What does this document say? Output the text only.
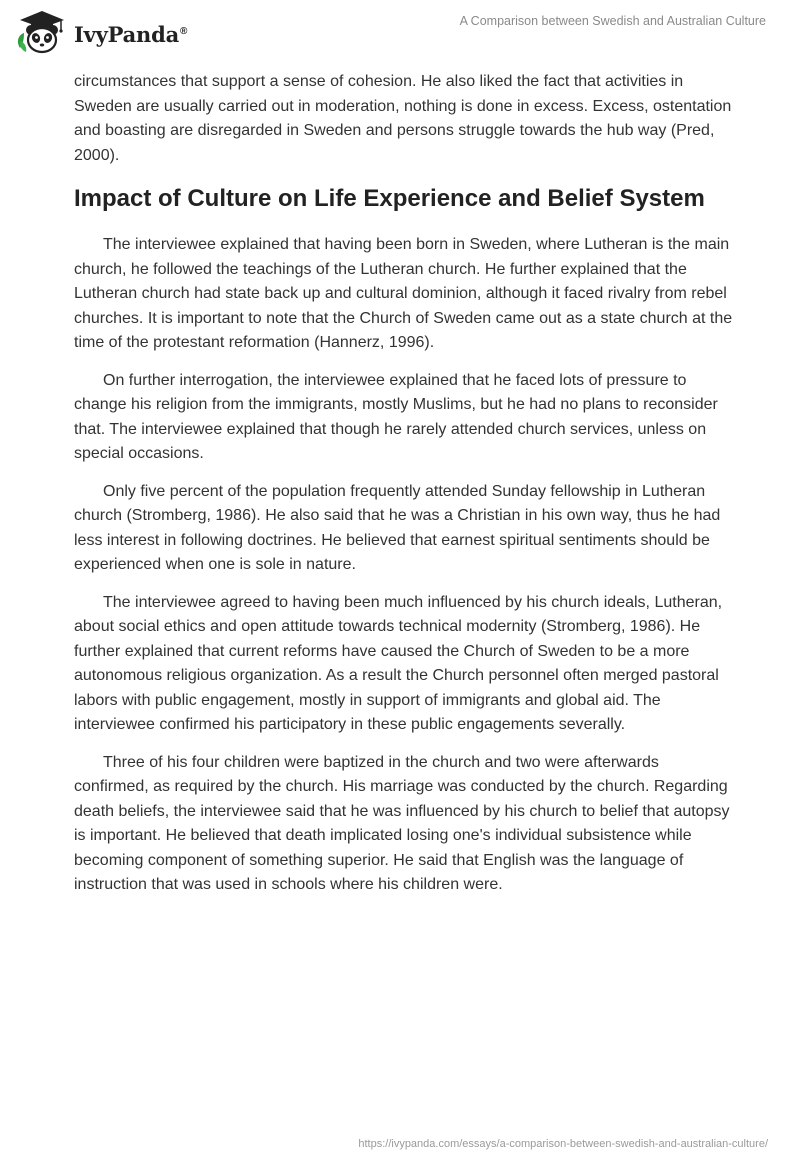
IvyPanda®
A Comparison between Swedish and Australian Culture

circumstances that support a sense of cohesion. He also liked the fact that activities in Sweden are usually carried out in moderation, nothing is done in excess. Excess, ostentation and boasting are disregarded in Sweden and persons struggle towards the hub way (Pred, 2000).

Impact of Culture on Life Experience and Belief System

The interviewee explained that having been born in Sweden, where Lutheran is the main church, he followed the teachings of the Lutheran church. He further explained that the Lutheran church had state back up and cultural dominion, although it faced rivalry from rebel churches. It is important to note that the Church of Sweden came out as a state church at the time of the protestant reformation (Hannerz, 1996).

On further interrogation, the interviewee explained that he faced lots of pressure to change his religion from the immigrants, mostly Muslims, but he had no plans to reconsider that. The interviewee explained that though he rarely attended church services, unless on special occasions.

Only five percent of the population frequently attended Sunday fellowship in Lutheran church (Stromberg, 1986). He also said that he was a Christian in his own way, thus he had less interest in following doctrines. He believed that earnest spiritual sentiments should be experienced when one is sole in nature.

The interviewee agreed to having been much influenced by his church ideals, Lutheran, about social ethics and open attitude towards technical modernity (Stromberg, 1986). He further explained that current reforms have caused the Church of Sweden to be a more autonomous religious organization. As a result the Church personnel often merged pastoral labors with public engagement, mostly in support of immigrants and global aid. The interviewee confirmed his participatory in these public engagements severally.

Three of his four children were baptized in the church and two were afterwards confirmed, as required by the church. His marriage was conducted by the church. Regarding death beliefs, the interviewee said that he was influenced by his church to belief that autopsy is important. He believed that death implicated losing one's individual subsistence while becoming component of something superior. He said that English was the language of instruction that was used in schools where his children were.

https://ivypanda.com/essays/a-comparison-between-swedish-and-australian-culture/
